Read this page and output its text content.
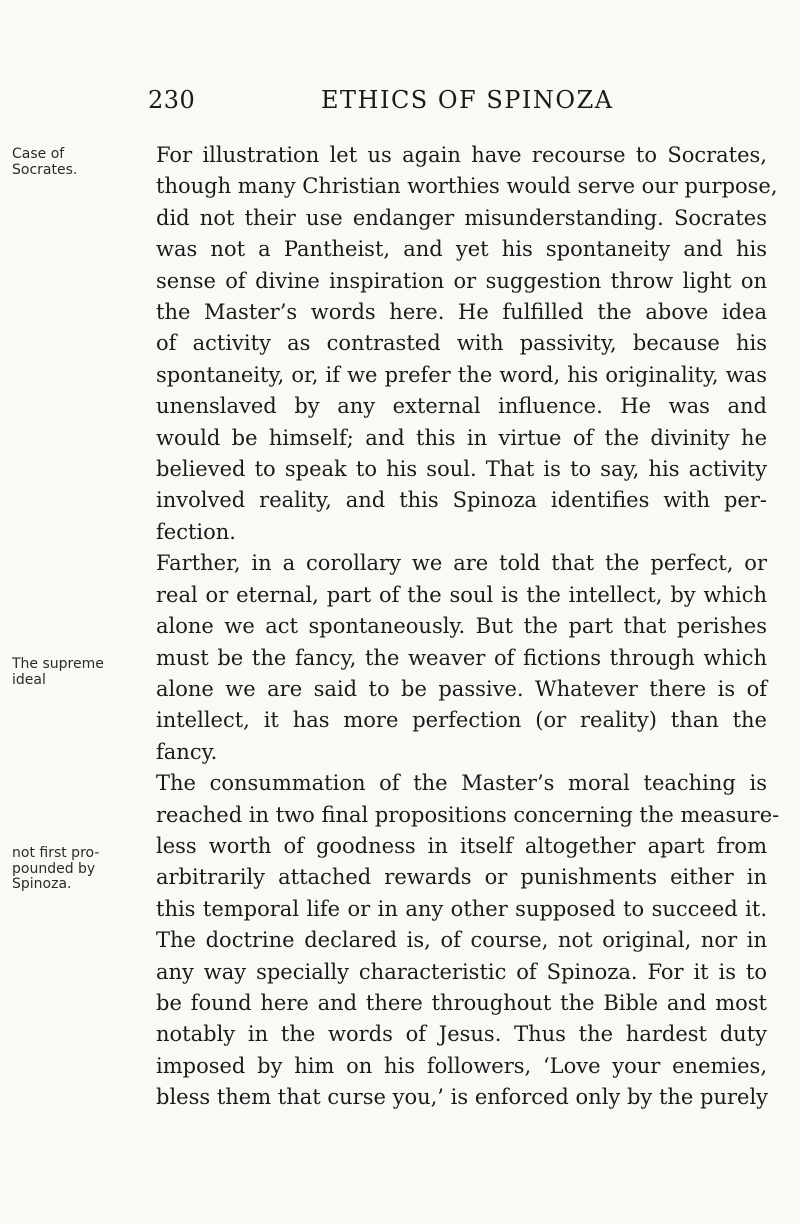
230	ETHICS OF SPINOZA
Case of Socrates.
The supreme ideal
not first pro-pounded by Spinoza.

For illustration let us again have recourse to Socrates,
though many Christian worthies would serve our purpose,
did not their use endanger misunderstanding. Socrates
was not a Pantheist, and yet his spontaneity and his
sense of divine inspiration or suggestion throw light on
the Master’s words here. He fulfilled the above idea
of activity as contrasted with passivity, because his
spontaneity, or, if we prefer the word, his originality, was
unenslaved by any external influence. He was and
would be himself; and this in virtue of the divinity he
believed to speak to his soul. That is to say, his activity
involved reality, and this Spinoza identifies with per-
fection.

Farther, in a corollary we are told that the perfect, or
real or eternal, part of the soul is the intellect, by which
alone we act spontaneously. But the part that perishes
must be the fancy, the weaver of fictions through which
alone we are said to be passive. Whatever there is of
intellect, it has more perfection (or reality) than the
fancy.

The consummation of the Master’s moral teaching is
reached in two final propositions concerning the measure-
less worth of goodness in itself altogether apart from
arbitrarily attached rewards or punishments either in
this temporal life or in any other supposed to succeed it.
The doctrine declared is, of course, not original, nor in
any way specially characteristic of Spinoza. For it is to
be found here and there throughout the Bible and most
notably in the words of Jesus. Thus the hardest duty
imposed by him on his followers, ‘Love your enemies,
bless them that curse you,’ is enforced only by the purely
